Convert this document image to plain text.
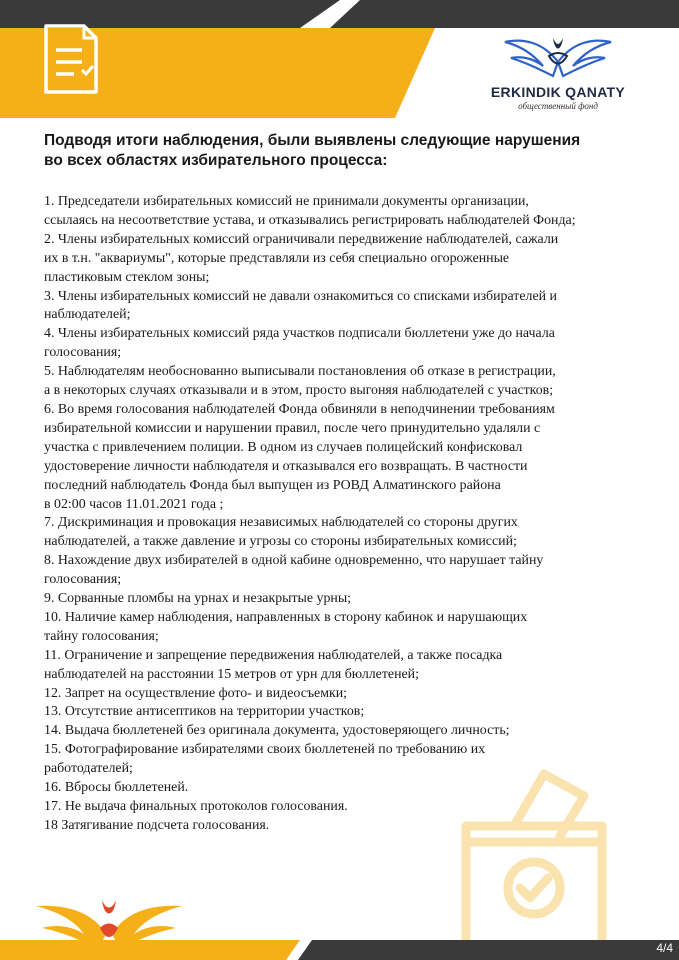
ERKINDIK QANATY
общественный фонд
Подводя итоги наблюдения, были выявлены следующие нарушения
во всех областях избирательного процесса:
1. Председатели избирательных комиссий не принимали документы организации,
ссылаясь на несоответствие устава, и отказывались регистрировать наблюдателей Фонда;
2. Члены избирательных комиссий ограничивали передвижение наблюдателей, сажали
их в т.н. "аквариумы", которые представляли из себя специально огороженные
пластиковым стеклом зоны;
3. Члены избирательных комиссий не давали ознакомиться со списками избирателей и
наблюдателей;
4. Члены избирательных комиссий ряда участков подписали бюллетени уже до начала
голосования;
5. Наблюдателям необоснованно выписывали постановления об отказе в регистрации,
а в некоторых случаях отказывали и в этом, просто выгоняя наблюдателей с участков;
6. Во время голосования наблюдателей Фонда обвиняли в неподчинении требованиям
избирательной комиссии и нарушении правил, после чего принудительно удаляли с
участка с привлечением полиции. В одном из случаев полицейский конфисковал
удостоверение личности наблюдателя и отказывался его возвращать. В частности
последний наблюдатель Фонда был выпущен из РОВД Алматинского района
в 02:00 часов 11.01.2021 года ;
7. Дискриминация и провокация независимых наблюдателей со стороны других
наблюдателей, а также давление и угрозы со стороны избирательных комиссий;
8. Нахождение двух избирателей в одной кабине одновременно, что нарушает тайну
голосования;
9. Сорванные пломбы на урнах и незакрытые урны;
10. Наличие камер наблюдения, направленных в сторону кабинок и нарушающих
тайну голосования;
11. Ограничение и запрещение передвижения наблюдателей, а также посадка
наблюдателей на расстоянии 15 метров от урн для бюллетеней;
12. Запрет на осуществление фото- и видеосъемки;
13. Отсутствие антисептиков на территории участков;
14. Выдача бюллетеней без оригинала документа, удостоверяющего личность;
15. Фотографирование избирателями своих бюллетеней по требованию их
работодателей;
16. Вбросы бюллетеней.
17. Не выдача финальных протоколов голосования.
18 Затягивание подсчета голосования.
4/4
